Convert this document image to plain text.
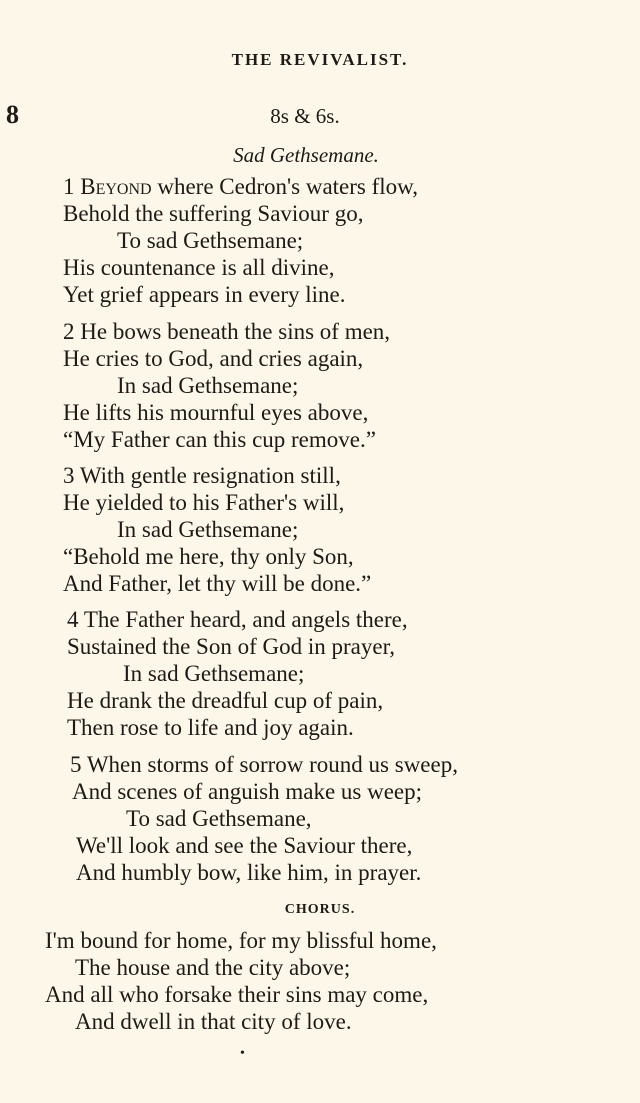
THE REVIVALIST.
8	8s & 6s.
Sad Gethsemane.
1 Beyond where Cedron's waters flow,
Behold the suffering Saviour go,
To sad Gethsemane;
His countenance is all divine,
Yet grief appears in every line.
2 He bows beneath the sins of men,
He cries to God, and cries again,
In sad Gethsemane;
He lifts his mournful eyes above,
“My Father can this cup remove.”
3 With gentle resignation still,
He yielded to his Father's will,
In sad Gethsemane;
“Behold me here, thy only Son,
And Father, let thy will be done.”
4 The Father heard, and angels there,
Sustained the Son of God in prayer,
In sad Gethsemane;
He drank the dreadful cup of pain,
Then rose to life and joy again.
5 When storms of sorrow round us sweep,
And scenes of anguish make us weep;
To sad Gethsemane,
We'll look and see the Saviour there,
And humbly bow, like him, in prayer.
CHORUS.
I'm bound for home, for my blissful home,
The house and the city above;
And all who forsake their sins may come,
And dwell in that city of love.
•
